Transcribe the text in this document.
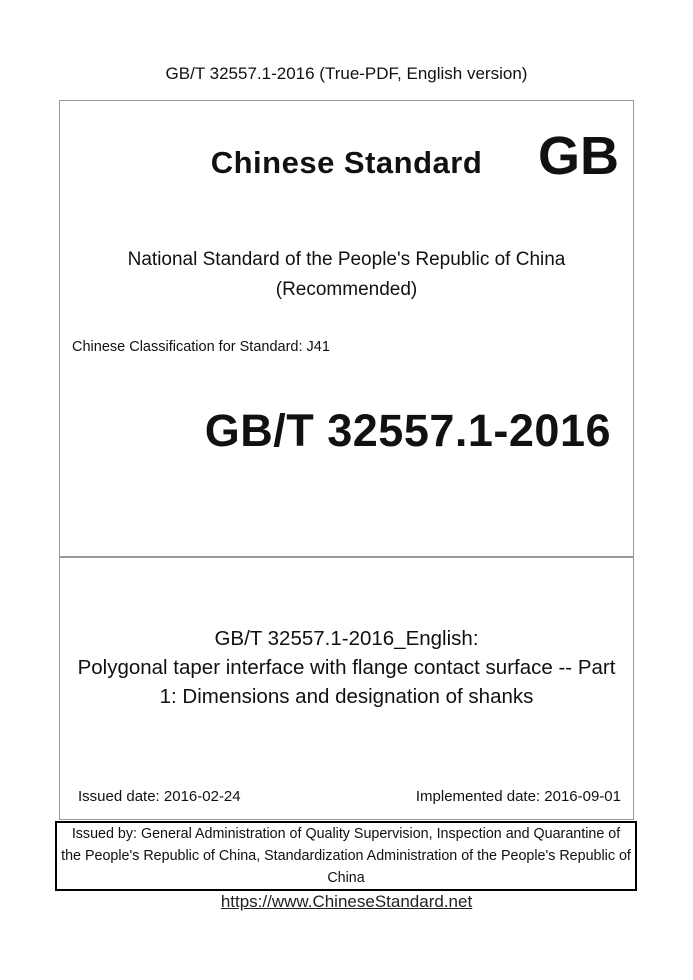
GB/T 32557.1-2016 (True-PDF, English version)
Chinese Standard	GB
National Standard of the People's Republic of China
(Recommended)
Chinese Classification for Standard: J41
GB/T 32557.1-2016
GB/T 32557.1-2016_English:
Polygonal taper interface with flange contact surface -- Part 1: Dimensions and designation of shanks
Issued date: 2016-02-24	Implemented date: 2016-09-01
Issued by: General Administration of Quality Supervision, Inspection and Quarantine of the People's Republic of China, Standardization Administration of the People's Republic of China
https://www.ChineseStandard.net
